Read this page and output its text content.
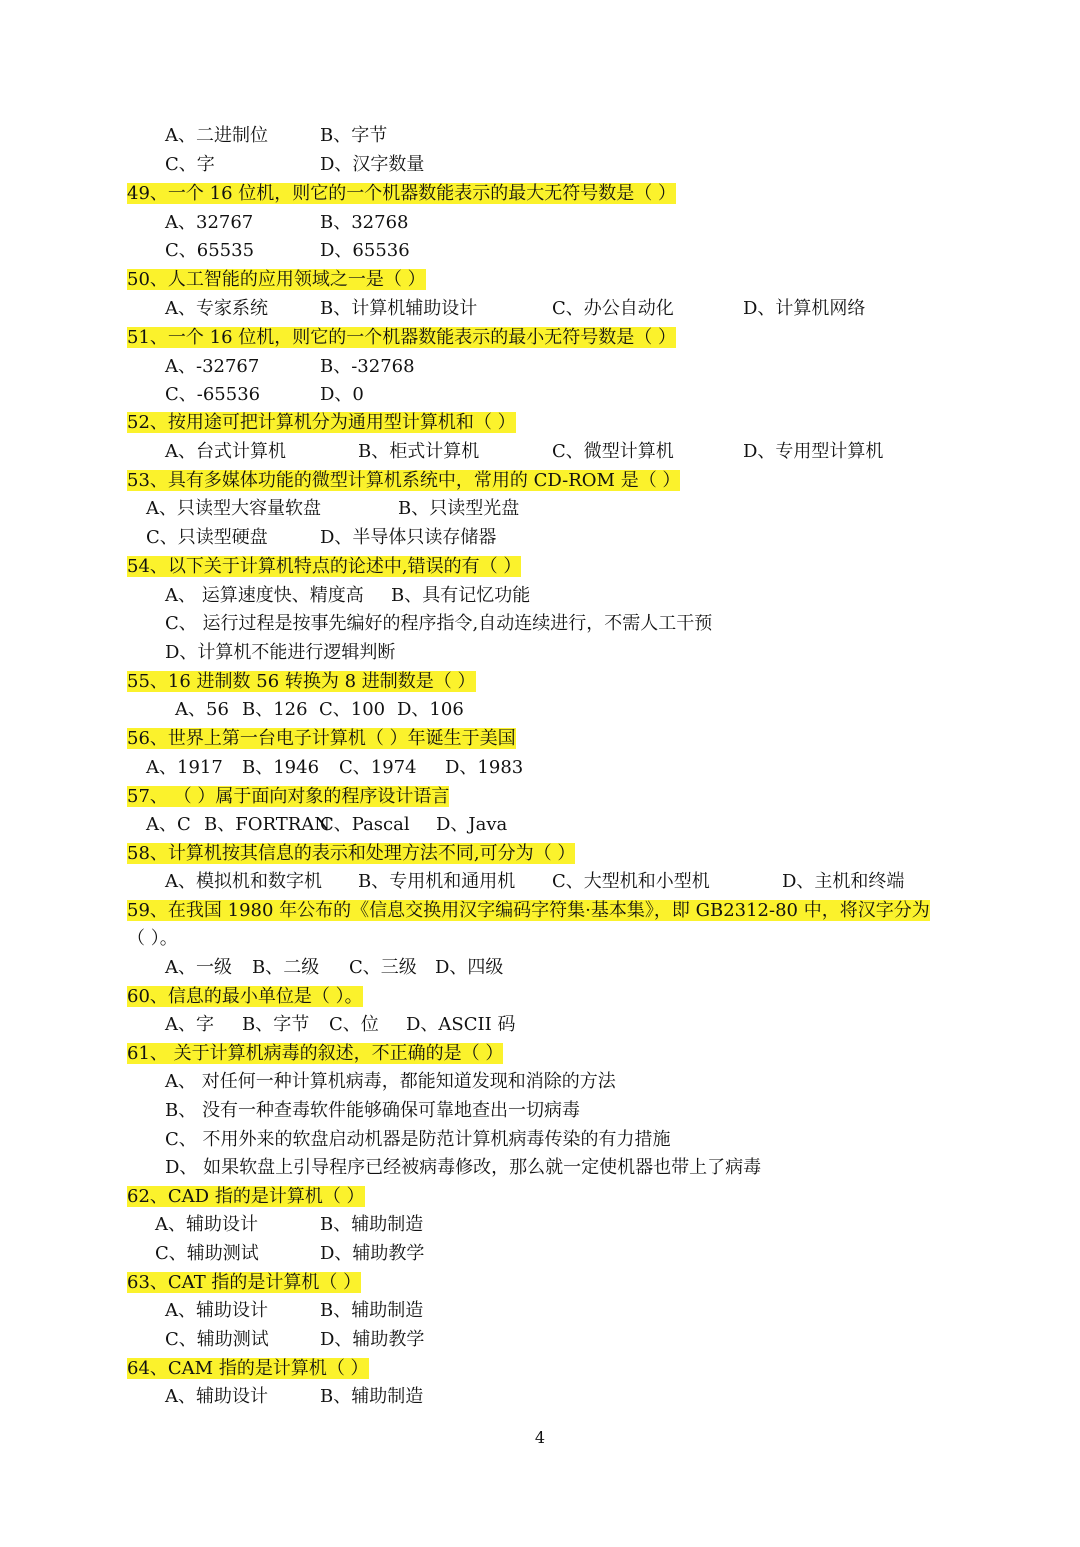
A、二进制位	B、字节
C、字	D、汉字数量
49、一个 16 位机，则它的一个机器数能表示的最大无符号数是（ ）
A、32767	B、32768
C、65535	D、65536
50、人工智能的应用领域之一是（ ）
A、专家系统	B、计算机辅助设计	C、办公自动化	D、计算机网络
51、一个 16 位机，则它的一个机器数能表示的最小无符号数是（ ）
A、-32767	B、-32768
C、-65536	D、0
52、按用途可把计算机分为通用型计算机和（ ）
A、台式计算机	B、柜式计算机	C、微型计算机	D、专用型计算机
53、具有多媒体功能的微型计算机系统中，常用的 CD-ROM 是（ ）
A、只读型大容量软盘	B、只读型光盘
C、只读型硬盘	D、半导体只读存储器
54、以下关于计算机特点的论述中,错误的有（ ）
A、 运算速度快、精度高 B、具有记忆功能
C、 运行过程是按事先编好的程序指令,自动连续进行，不需人工干预
D、计算机不能进行逻辑判断
55、16 进制数 56 转换为 8 进制数是（ ）
A、56 B、126 C、100 D、106
56、世界上第一台电子计算机（ ）年诞生于美国
A、1917 B、1946 C、1974 D、1983
57、 （ ）属于面向对象的程序设计语言
A、C B、FORTRAN
C、Pascal D、Java
58、计算机按其信息的表示和处理方法不同,可分为（ ）
A、模拟机和数字机 B、专用机和通用机 C、大型机和小型机	D、主机和终端
59、在我国 1980 年公布的《信息交换用汉字编码字符集·基本集》，即 GB2312-80 中，将汉字分为
（ ）。
A、一级 B、二级 C、三级 D、四级
60、信息的最小单位是（ ）。
A、字 B、字节 C、位 D、ASCII 码
61、 关于计算机病毒的叙述，不正确的是（ ）
A、 对任何一种计算机病毒，都能知道发现和消除的方法
B、 没有一种查毒软件能够确保可靠地查出一切病毒
C、 不用外来的软盘启动机器是防范计算机病毒传染的有力措施
D、 如果软盘上引导程序已经被病毒修改，那么就一定使机器也带上了病毒
62、CAD 指的是计算机（ ）
A、辅助设计	B、辅助制造
C、辅助测试	D、辅助教学
63、CAT 指的是计算机（ ）
A、辅助设计	B、辅助制造
C、辅助测试	D、辅助教学
64、CAM 指的是计算机（ ）
A、辅助设计	B、辅助制造
4
